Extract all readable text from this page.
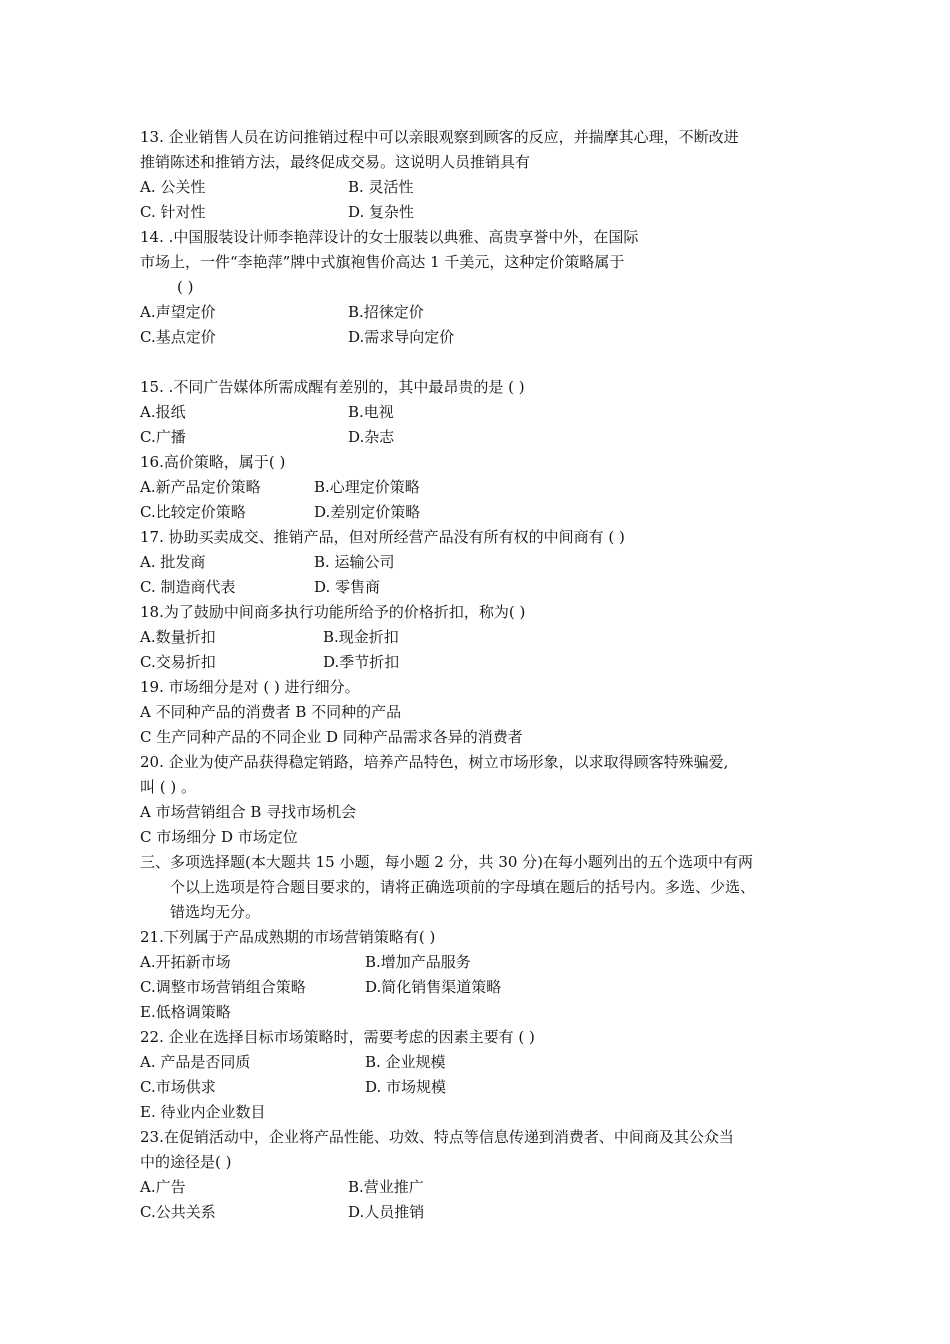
13. 企业销售人员在访问推销过程中可以亲眼观察到顾客的反应，并揣摩其心理，不断改进
推销陈述和推销方法，最终促成交易。这说明人员推销具有
A. 公关性	B. 灵活性
C. 针对性	D. 复杂性
14. .中国服装设计师李艳萍设计的女士服装以典雅、高贵享誉中外，在国际
市场上，一件“李艳萍”牌中式旗袍售价高达 1 千美元，这种定价策略属于
( )
A.声望定价	B.招徕定价
C.基点定价	D.需求导向定价
15. .不同广告媒体所需成醒有差别的，其中最昂贵的是 ( )
A.报纸	B.电视
C.广播	D.杂志
16.高价策略，属于( )
A.新产品定价策略	B.心理定价策略
C.比较定价策略	D.差别定价策略
17. 协助买卖成交、推销产品，但对所经营产品没有所有权的中间商有 ( )
A. 批发商	B. 运输公司
C. 制造商代表	D. 零售商
18.为了鼓励中间商多执行功能所给予的价格折扣，称为( )
A.数量折扣	B.现金折扣
C.交易折扣	D.季节折扣
19. 市场细分是对 ( ) 进行细分。
A 不同种产品的消费者 B 不同种的产品
C 生产同种产品的不同企业 D 同种产品需求各异的消费者
20. 企业为使产品获得稳定销路，培养产品特色，树立市场形象，以求取得顾客特殊骗爱,
叫 ( ) 。
A 市场营销组合 B 寻找市场机会
C 市场细分 D 市场定位
三、多项选择题(本大题共 15 小题，每小题 2 分，共 30 分)在每小题列出的五个选项中有两
个以上选项是符合题目要求的，请将正确选项前的字母填在题后的括号内。多选、少选、
错选均无分。
21.下列属于产品成熟期的市场营销策略有( )
A.开拓新市场	B.增加产品服务
C.调整市场营销组合策略	D.简化销售渠道策略
E.低格调策略
22. 企业在选择目标市场策略时，需要考虑的因素主要有 ( )
A. 产品是否同质	B. 企业规模
C.市场供求	D. 市场规模
E. 待业内企业数目
23.在促销活动中，企业将产品性能、功效、特点等信息传递到消费者、中间商及其公众当
中的途径是( )
A.广告	B.营业推广
C.公共关系	D.人员推销
